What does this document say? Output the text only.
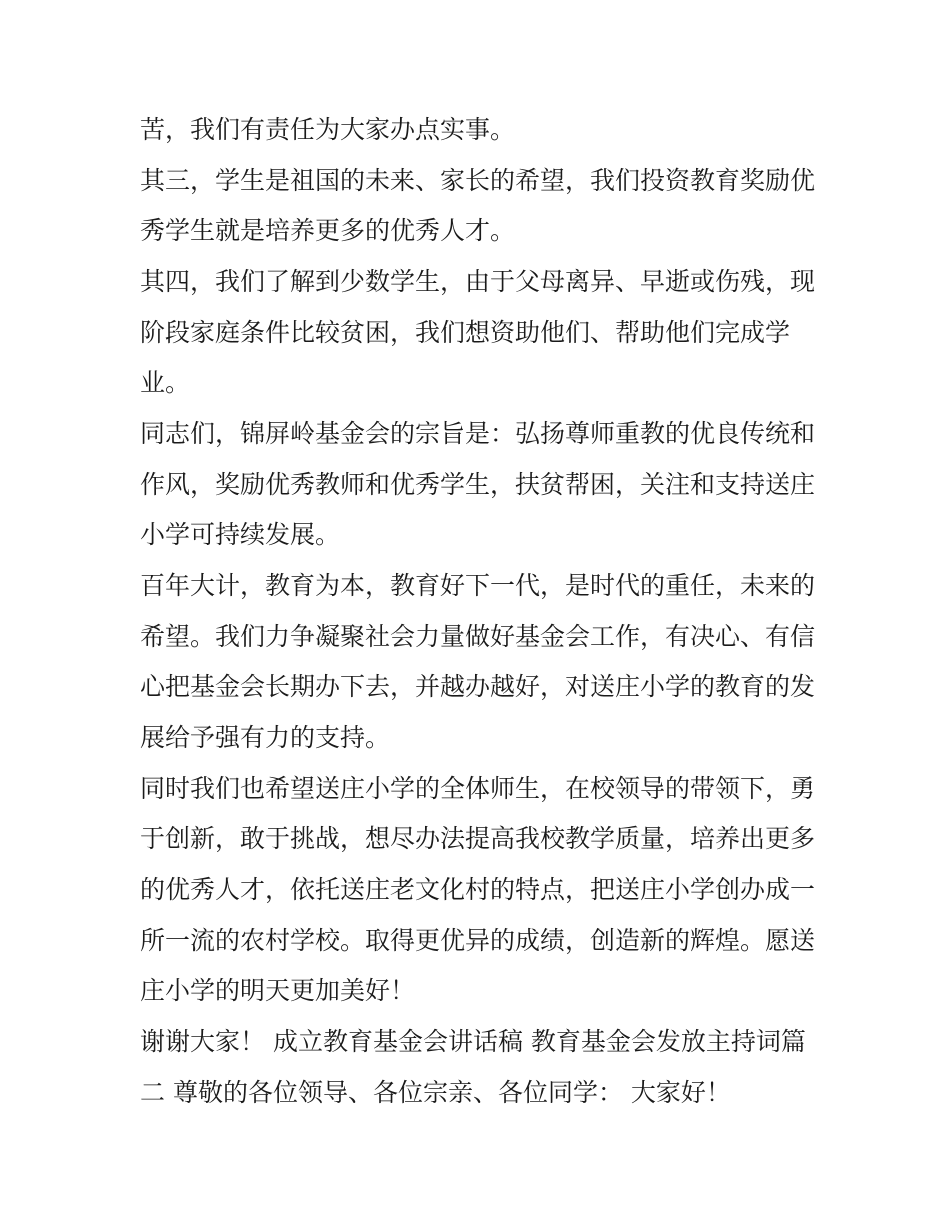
苦，我们有责任为大家办点实事。
其三，学生是祖国的未来、家长的希望，我们投资教育奖励优
秀学生就是培养更多的优秀人才。
其四，我们了解到少数学生，由于父母离异、早逝或伤残，现
阶段家庭条件比较贫困，我们想资助他们、帮助他们完成学
业。
同志们，锦屏岭基金会的宗旨是：弘扬尊师重教的优良传统和
作风，奖励优秀教师和优秀学生，扶贫帮困，关注和支持送庄
小学可持续发展。
百年大计，教育为本，教育好下一代，是时代的重任，未来的
希望。我们力争凝聚社会力量做好基金会工作，有决心、有信
心把基金会长期办下去，并越办越好，对送庄小学的教育的发
展给予强有力的支持。
同时我们也希望送庄小学的全体师生，在校领导的带领下，勇
于创新，敢于挑战，想尽办法提高我校教学质量，培养出更多
的优秀人才，依托送庄老文化村的特点，把送庄小学创办成一
所一流的农村学校。取得更优异的成绩，创造新的辉煌。愿送
庄小学的明天更加美好！
谢谢大家！ 成立教育基金会讲话稿 教育基金会发放主持词篇
二 尊敬的各位领导、各位宗亲、各位同学： 大家好！
